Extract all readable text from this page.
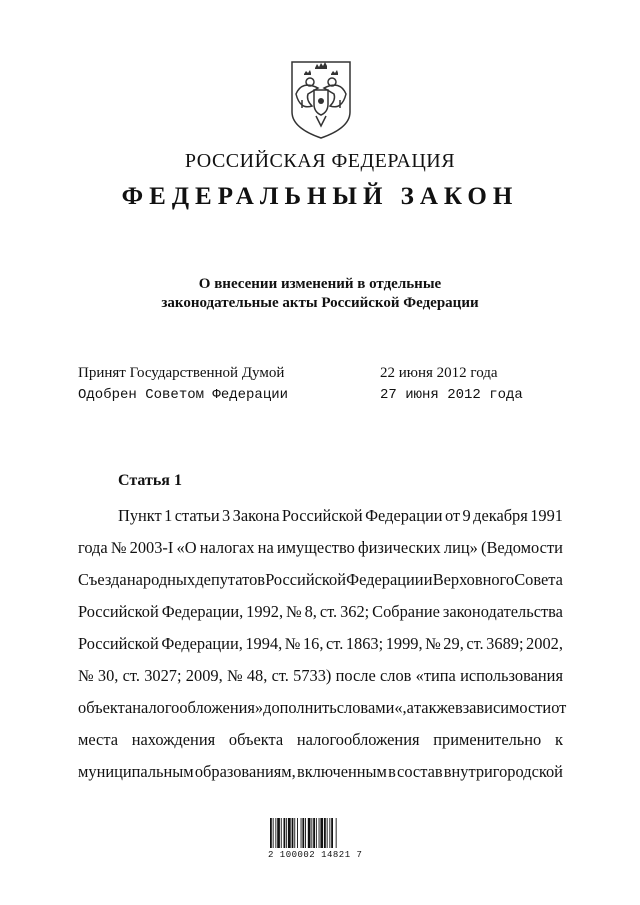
РОССИЙСКАЯ ФЕДЕРАЦИЯ
ФЕДЕРАЛЬНЫЙ ЗАКОН
О внесении изменений в отдельные
законодательные акты Российской Федерации
Принят Государственной Думой	22 июня 2012 года
Одобрен Советом Федерации	27 июня 2012 года
Статья 1
Пункт 1 статьи 3 Закона Российской Федерации от 9 декабря 1991
года № 2003-I «О налогах на имущество физических лиц» (Ведомости
Съезда народных депутатов Российской Федерации и Верховного Совета
Российской Федерации, 1992, № 8, ст. 362; Собрание законодательства
Российской Федерации, 1994, № 16, ст. 1863; 1999, № 29, ст. 3689; 2002,
№ 30, ст. 3027; 2009, № 48, ст. 5733) после слов «типа использования
объекта налогообложения» дополнить словами «, а также в зависимости от
места нахождения объекта налогообложения применительно к
муниципальным образованиям, включенным в состав внутригородской
2 100002 14821 7
